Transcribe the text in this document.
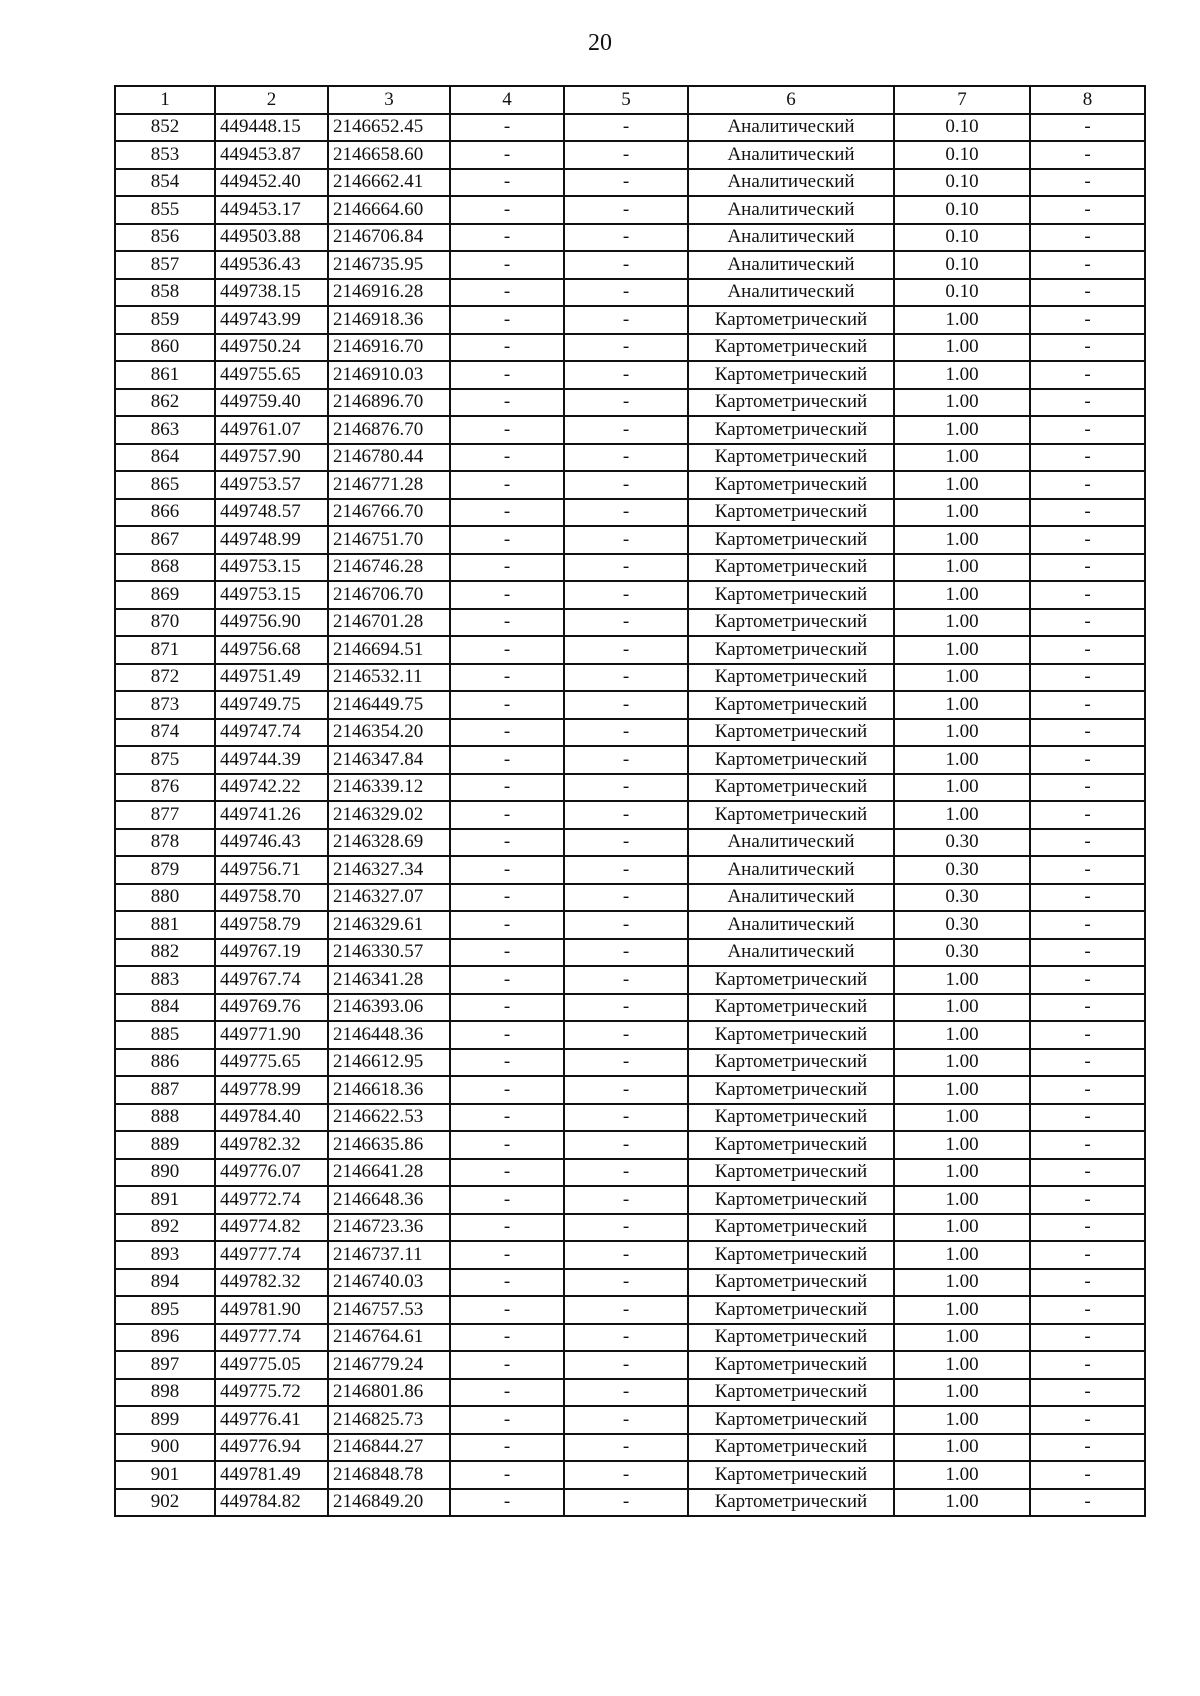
20
1	2	3	4	5	6	7	8
852	449448.15	2146652.45	-	-	Аналитический	0.10	-
853	449453.87	2146658.60	-	-	Аналитический	0.10	-
854	449452.40	2146662.41	-	-	Аналитический	0.10	-
855	449453.17	2146664.60	-	-	Аналитический	0.10	-
856	449503.88	2146706.84	-	-	Аналитический	0.10	-
857	449536.43	2146735.95	-	-	Аналитический	0.10	-
858	449738.15	2146916.28	-	-	Аналитический	0.10	-
859	449743.99	2146918.36	-	-	Картометрический	1.00	-
860	449750.24	2146916.70	-	-	Картометрический	1.00	-
861	449755.65	2146910.03	-	-	Картометрический	1.00	-
862	449759.40	2146896.70	-	-	Картометрический	1.00	-
863	449761.07	2146876.70	-	-	Картометрический	1.00	-
864	449757.90	2146780.44	-	-	Картометрический	1.00	-
865	449753.57	2146771.28	-	-	Картометрический	1.00	-
866	449748.57	2146766.70	-	-	Картометрический	1.00	-
867	449748.99	2146751.70	-	-	Картометрический	1.00	-
868	449753.15	2146746.28	-	-	Картометрический	1.00	-
869	449753.15	2146706.70	-	-	Картометрический	1.00	-
870	449756.90	2146701.28	-	-	Картометрический	1.00	-
871	449756.68	2146694.51	-	-	Картометрический	1.00	-
872	449751.49	2146532.11	-	-	Картометрический	1.00	-
873	449749.75	2146449.75	-	-	Картометрический	1.00	-
874	449747.74	2146354.20	-	-	Картометрический	1.00	-
875	449744.39	2146347.84	-	-	Картометрический	1.00	-
876	449742.22	2146339.12	-	-	Картометрический	1.00	-
877	449741.26	2146329.02	-	-	Картометрический	1.00	-
878	449746.43	2146328.69	-	-	Аналитический	0.30	-
879	449756.71	2146327.34	-	-	Аналитический	0.30	-
880	449758.70	2146327.07	-	-	Аналитический	0.30	-
881	449758.79	2146329.61	-	-	Аналитический	0.30	-
882	449767.19	2146330.57	-	-	Аналитический	0.30	-
883	449767.74	2146341.28	-	-	Картометрический	1.00	-
884	449769.76	2146393.06	-	-	Картометрический	1.00	-
885	449771.90	2146448.36	-	-	Картометрический	1.00	-
886	449775.65	2146612.95	-	-	Картометрический	1.00	-
887	449778.99	2146618.36	-	-	Картометрический	1.00	-
888	449784.40	2146622.53	-	-	Картометрический	1.00	-
889	449782.32	2146635.86	-	-	Картометрический	1.00	-
890	449776.07	2146641.28	-	-	Картометрический	1.00	-
891	449772.74	2146648.36	-	-	Картометрический	1.00	-
892	449774.82	2146723.36	-	-	Картометрический	1.00	-
893	449777.74	2146737.11	-	-	Картометрический	1.00	-
894	449782.32	2146740.03	-	-	Картометрический	1.00	-
895	449781.90	2146757.53	-	-	Картометрический	1.00	-
896	449777.74	2146764.61	-	-	Картометрический	1.00	-
897	449775.05	2146779.24	-	-	Картометрический	1.00	-
898	449775.72	2146801.86	-	-	Картометрический	1.00	-
899	449776.41	2146825.73	-	-	Картометрический	1.00	-
900	449776.94	2146844.27	-	-	Картометрический	1.00	-
901	449781.49	2146848.78	-	-	Картометрический	1.00	-
902	449784.82	2146849.20	-	-	Картометрический	1.00	-
